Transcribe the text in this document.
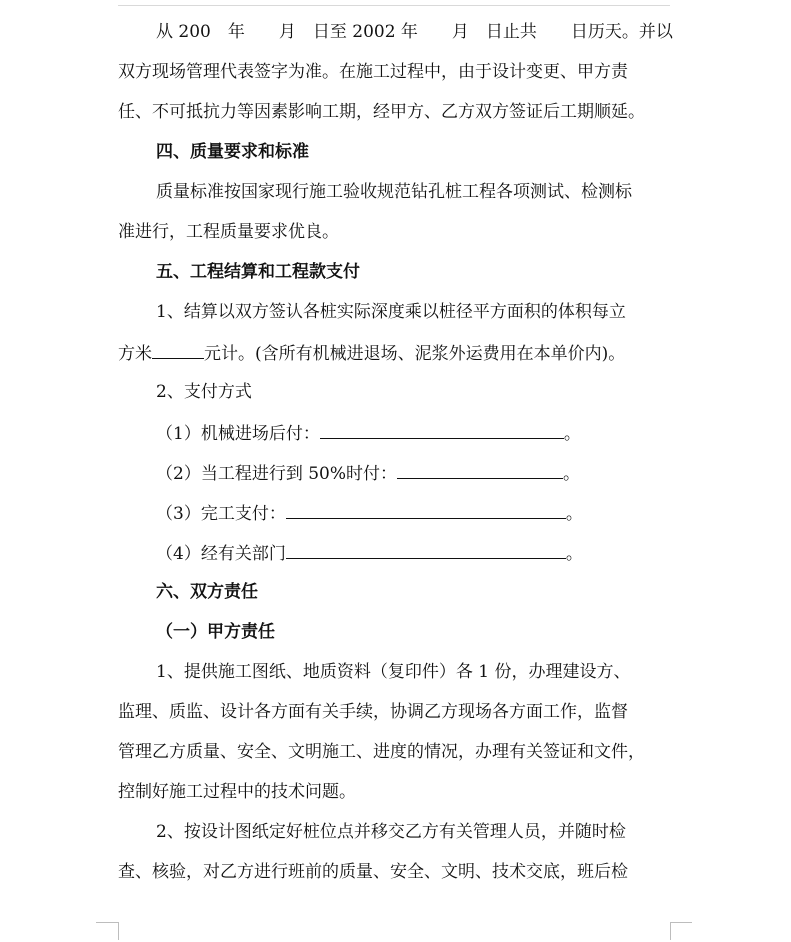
从 200　年　　月　日至 2002 年　　月　日止共　　日历天。并以
双方现场管理代表签字为准。在施工过程中，由于设计变更、甲方责
任、不可抵抗力等因素影响工期，经甲方、乙方双方签证后工期顺延。
四、质量要求和标准
质量标准按国家现行施工验收规范钻孔桩工程各项测试、检测标
准进行，工程质量要求优良。
五、工程结算和工程款支付
1、结算以双方签认各桩实际深度乘以桩径平方面积的体积每立
方米	元计。(含所有机械进退场、泥浆外运费用在本单价内)。
2、支付方式
（1）机械进场后付：	。
（2）当工程进行到 50%时付：	。
（3）完工支付：	。
（4）经有关部门	。
六、双方责任
（一）甲方责任
1、提供施工图纸、地质资料（复印件）各 1 份，办理建设方、
监理、质监、设计各方面有关手续，协调乙方现场各方面工作，监督
管理乙方质量、安全、文明施工、进度的情况，办理有关签证和文件，
控制好施工过程中的技术问题。
2、按设计图纸定好桩位点并移交乙方有关管理人员，并随时检
查、核验，对乙方进行班前的质量、安全、文明、技术交底，班后检
